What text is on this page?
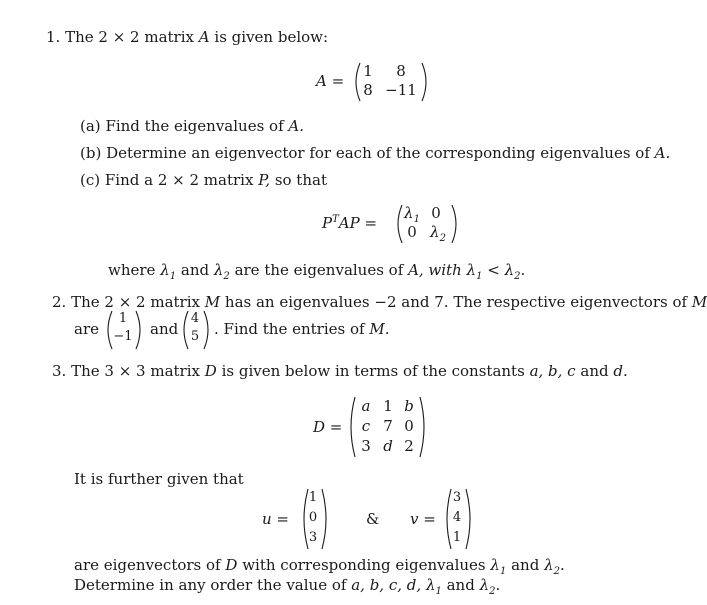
1. The 2 × 2 matrix A is given below:
A =
1	8
8 −11
(a) Find the eigenvalues of A.
(b) Determine an eigenvector for each of the corresponding eigenvalues of A.
(c) Find a 2 × 2 matrix P, so that
$P^TAP$ =
$\lambda_1$ 0
0 $\lambda_2$
where $\lambda_1$ and $\lambda_2$ are the eigenvalues of A, with $\lambda_1 < \lambda_2$.
2. The 2 × 2 matrix M has an eigenvalues −2 and 7. The respective eigenvectors of M
are
1
−1 and
4
5 . Find the entries of M.
3. The 3 × 3 matrix D is given below in terms of the constants a, b, c and d.
D =
a 1 b
c 7 0
3 d 2
It is further given that
u =
1
0
3
& v =
3
4
1
are eigenvectors of D with corresponding eigenvalues $\lambda_1$ and $\lambda_2$.
Determine in any order the value of a, b, c, d, $\lambda_1$ and $\lambda_2$.
